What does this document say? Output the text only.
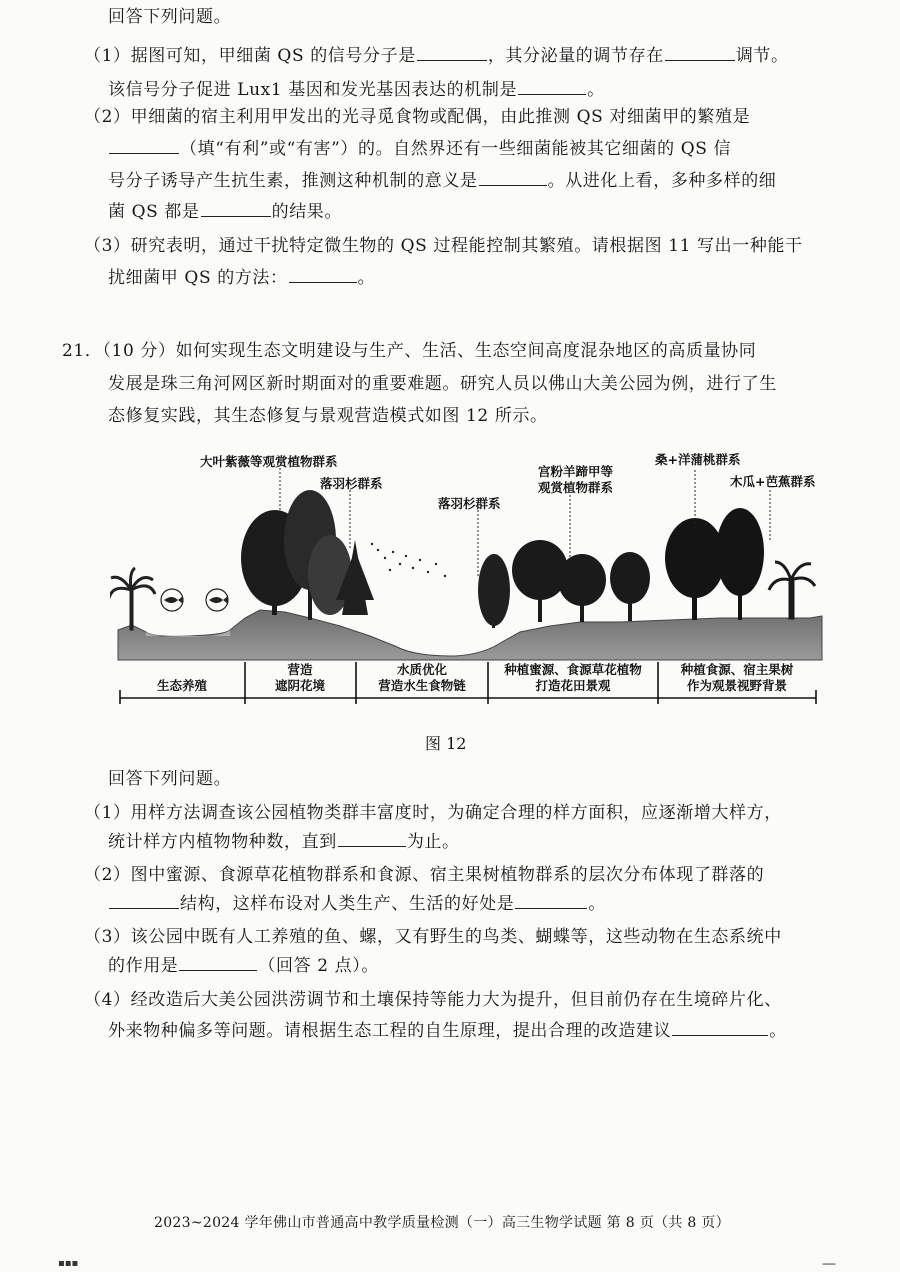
回答下列问题。
（1）据图可知，甲细菌 QS 的信号分子是	，其分泌量的调节存在	调节。
该信号分子促进 Lux1 基因和发光基因表达的机制是	。
（2）甲细菌的宿主利用甲发出的光寻觅食物或配偶，由此推测 QS 对细菌甲的繁殖是
（填“有利”或“有害”）的。自然界还有一些细菌能被其它细菌的 QS 信
号分子诱导产生抗生素，推测这种机制的意义是	。从进化上看，多种多样的细
菌 QS 都是	的结果。
（3）研究表明，通过干扰特定微生物的 QS 过程能控制其繁殖。请根据图 11 写出一种能干
扰细菌甲 QS 的方法：	。
21．（10 分）如何实现生态文明建设与生产、生活、生态空间高度混杂地区的高质量协同
发展是珠三角河网区新时期面对的重要难题。研究人员以佛山大美公园为例，进行了生
态修复实践，其生态修复与景观营造模式如图 12 所示。
大叶紫薇等观赏植物群系
落羽杉群系
落羽杉群系
宫粉羊蹄甲等
观赏植物群系
桑+洋蒲桃群系
木瓜+芭蕉群系
生态养殖
营造
遮阴花境
水质优化
营造水生食物链
种植蜜源、食源草花植物
打造花田景观
种植食源、宿主果树
作为观景视野背景
图 12
回答下列问题。
（1）用样方法调查该公园植物类群丰富度时，为确定合理的样方面积，应逐渐增大样方，
统计样方内植物物种数，直到	为止。
（2）图中蜜源、食源草花植物群系和食源、宿主果树植物群系的层次分布体现了群落的
结构，这样布设对人类生产、生活的好处是	。
（3）该公园中既有人工养殖的鱼、螺，又有野生的鸟类、蝴蝶等，这些动物在生态系统中
的作用是	（回答 2 点）。
（4）经改造后大美公园洪涝调节和土壤保持等能力大为提升，但目前仍存在生境碎片化、
外来物种偏多等问题。请根据生态工程的自生原理，提出合理的改造建议	。
2023~2024 学年佛山市普通高中教学质量检测（一）高三生物学试题 第 8 页（共 8 页）
▪▪▪	—
